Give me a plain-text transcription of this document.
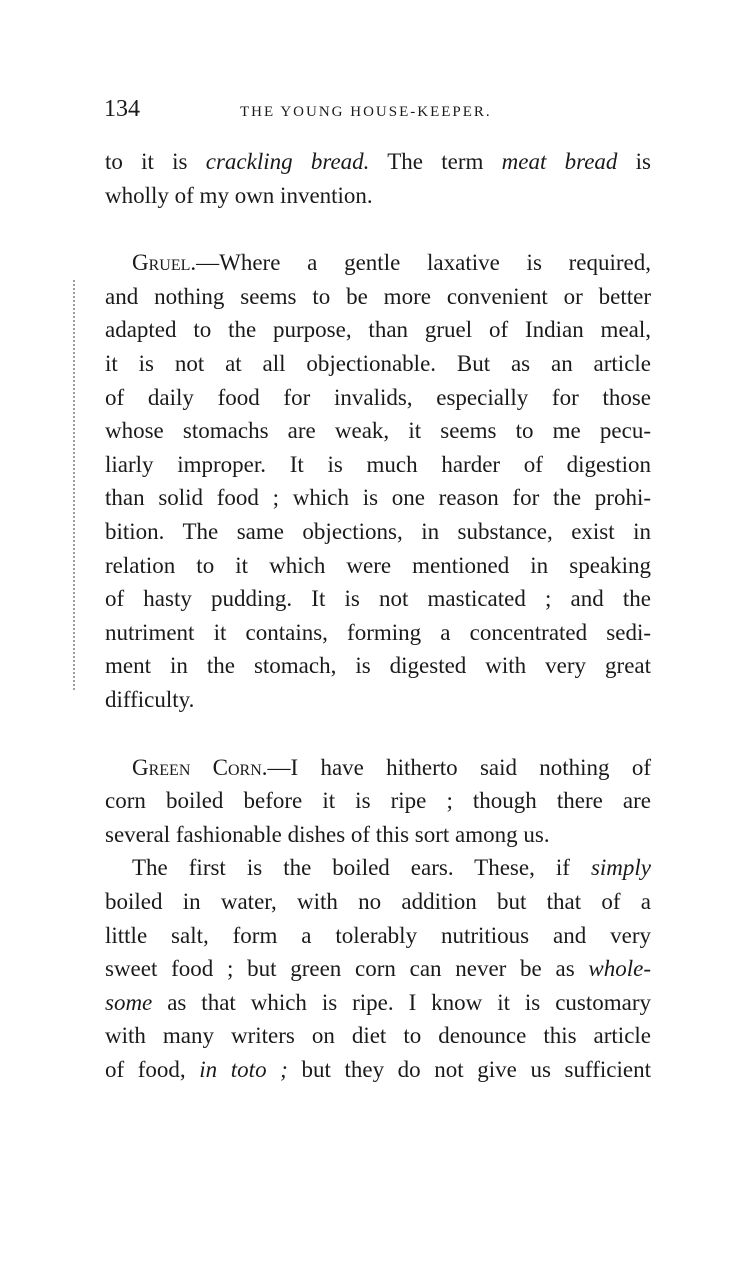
134	THE YOUNG HOUSE-KEEPER.
to it is crackling bread. The term meat bread is
wholly of my own invention.
Gruel.—Where a gentle laxative is required,
and nothing seems to be more convenient or better
adapted to the purpose, than gruel of Indian meal,
it is not at all objectionable. But as an article
of daily food for invalids, especially for those
whose stomachs are weak, it seems to me pecu-
liarly improper. It is much harder of digestion
than solid food ; which is one reason for the prohi-
bition. The same objections, in substance, exist in
relation to it which were mentioned in speaking
of hasty pudding. It is not masticated ; and the
nutriment it contains, forming a concentrated sedi-
ment in the stomach, is digested with very great
difficulty.
Green Corn.—I have hitherto said nothing of
corn boiled before it is ripe ; though there are
several fashionable dishes of this sort among us.
The first is the boiled ears. These, if simply
boiled in water, with no addition but that of a
little salt, form a tolerably nutritious and very
sweet food ; but green corn can never be as whole-
some as that which is ripe. I know it is customary
with many writers on diet to denounce this article
of food, in toto ; but they do not give us sufficient
